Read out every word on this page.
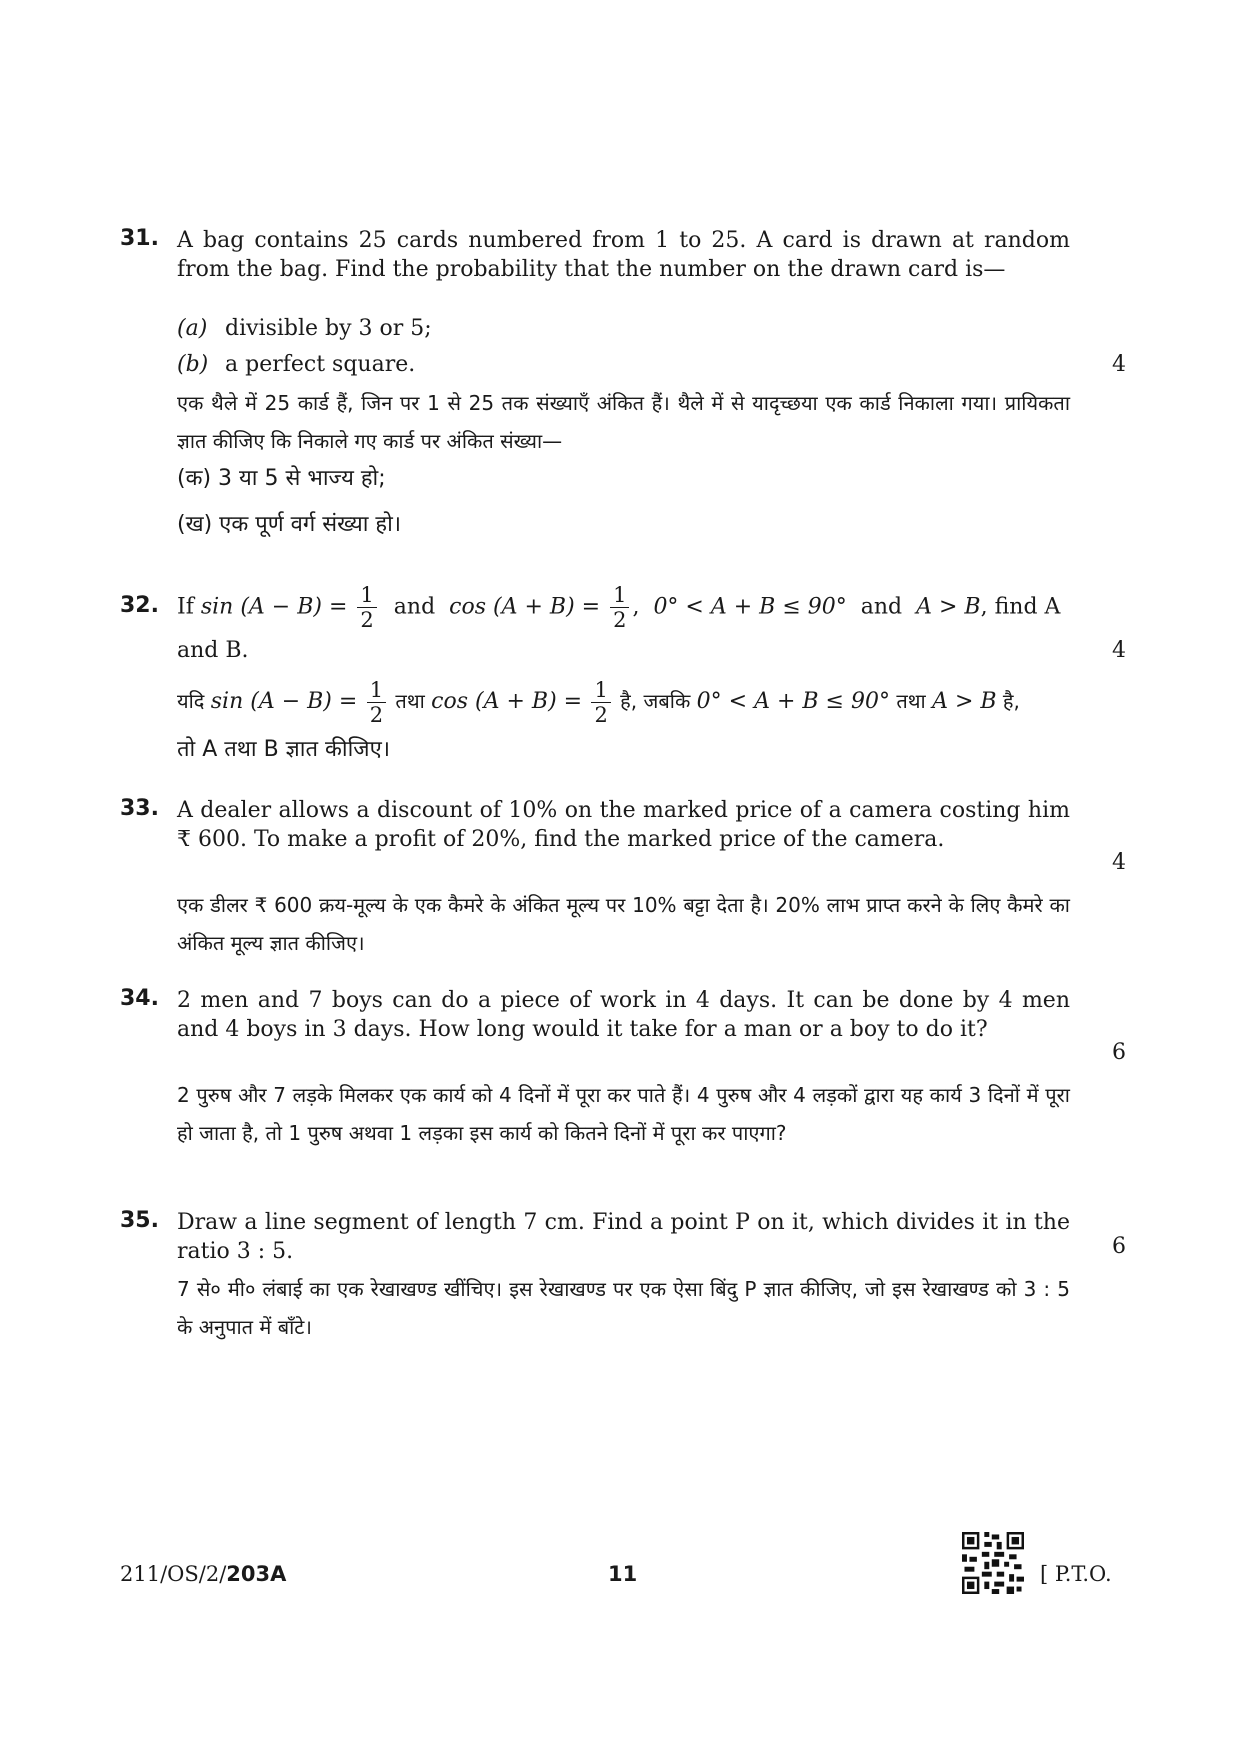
31. A bag contains 25 cards numbered from 1 to 25. A card is drawn at random from the bag. Find the probability that the number on the drawn card is—
(a) divisible by 3 or 5;
(b) a perfect square.	4
एक थैले में 25 कार्ड हैं, जिन पर 1 से 25 तक संख्याएँ अंकित हैं। थैले में से यादृच्छया एक कार्ड निकाला गया। प्रायिकता ज्ञात कीजिए कि निकाले गए कार्ड पर अंकित संख्या—
(क) 3 या 5 से भाज्य हो;
(ख) एक पूर्ण वर्ग संख्या हो।
32. If $\sin (A - B) = \frac{1}{2}$ and $\cos (A + B) = \frac{1}{2}$ ,  0° < A + B ≤ 90° and A > B, find A
and B.	4
यदि $\sin (A - B) = \frac{1}{2}$ तथा $\cos (A + B) = \frac{1}{2}$ है, जबकि 0° < A + B ≤ 90° तथा A > B है,
तो A तथा B ज्ञात कीजिए।
33. A dealer allows a discount of 10% on the marked price of a camera costing him ₹ 600. To make a profit of 20%, find the marked price of the camera.
4
एक डीलर ₹ 600 क्रय-मूल्य के एक कैमरे के अंकित मूल्य पर 10% बट्टा देता है। 20% लाभ प्राप्त करने के लिए कैमरे का अंकित मूल्य ज्ञात कीजिए।
34. 2 men and 7 boys can do a piece of work in 4 days. It can be done by 4 men and 4 boys in 3 days. How long would it take for a man or a boy to do it?
6
2 पुरुष और 7 लड़के मिलकर एक कार्य को 4 दिनों में पूरा कर पाते हैं। 4 पुरुष और 4 लड़कों द्वारा यह कार्य 3 दिनों में पूरा हो जाता है, तो 1 पुरुष अथवा 1 लड़का इस कार्य को कितने दिनों में पूरा कर पाएगा?
35. Draw a line segment of length 7 cm. Find a point P on it, which divides it in the ratio 3 : 5.	6
7 से० मी० लंबाई का एक रेखाखण्ड खींचिए। इस रेखाखण्ड पर एक ऐसा बिंदु P ज्ञात कीजिए, जो इस रेखाखण्ड को 3 : 5 के अनुपात में बाँटे।
211/OS/2/203A	11	[ P.T.O.
